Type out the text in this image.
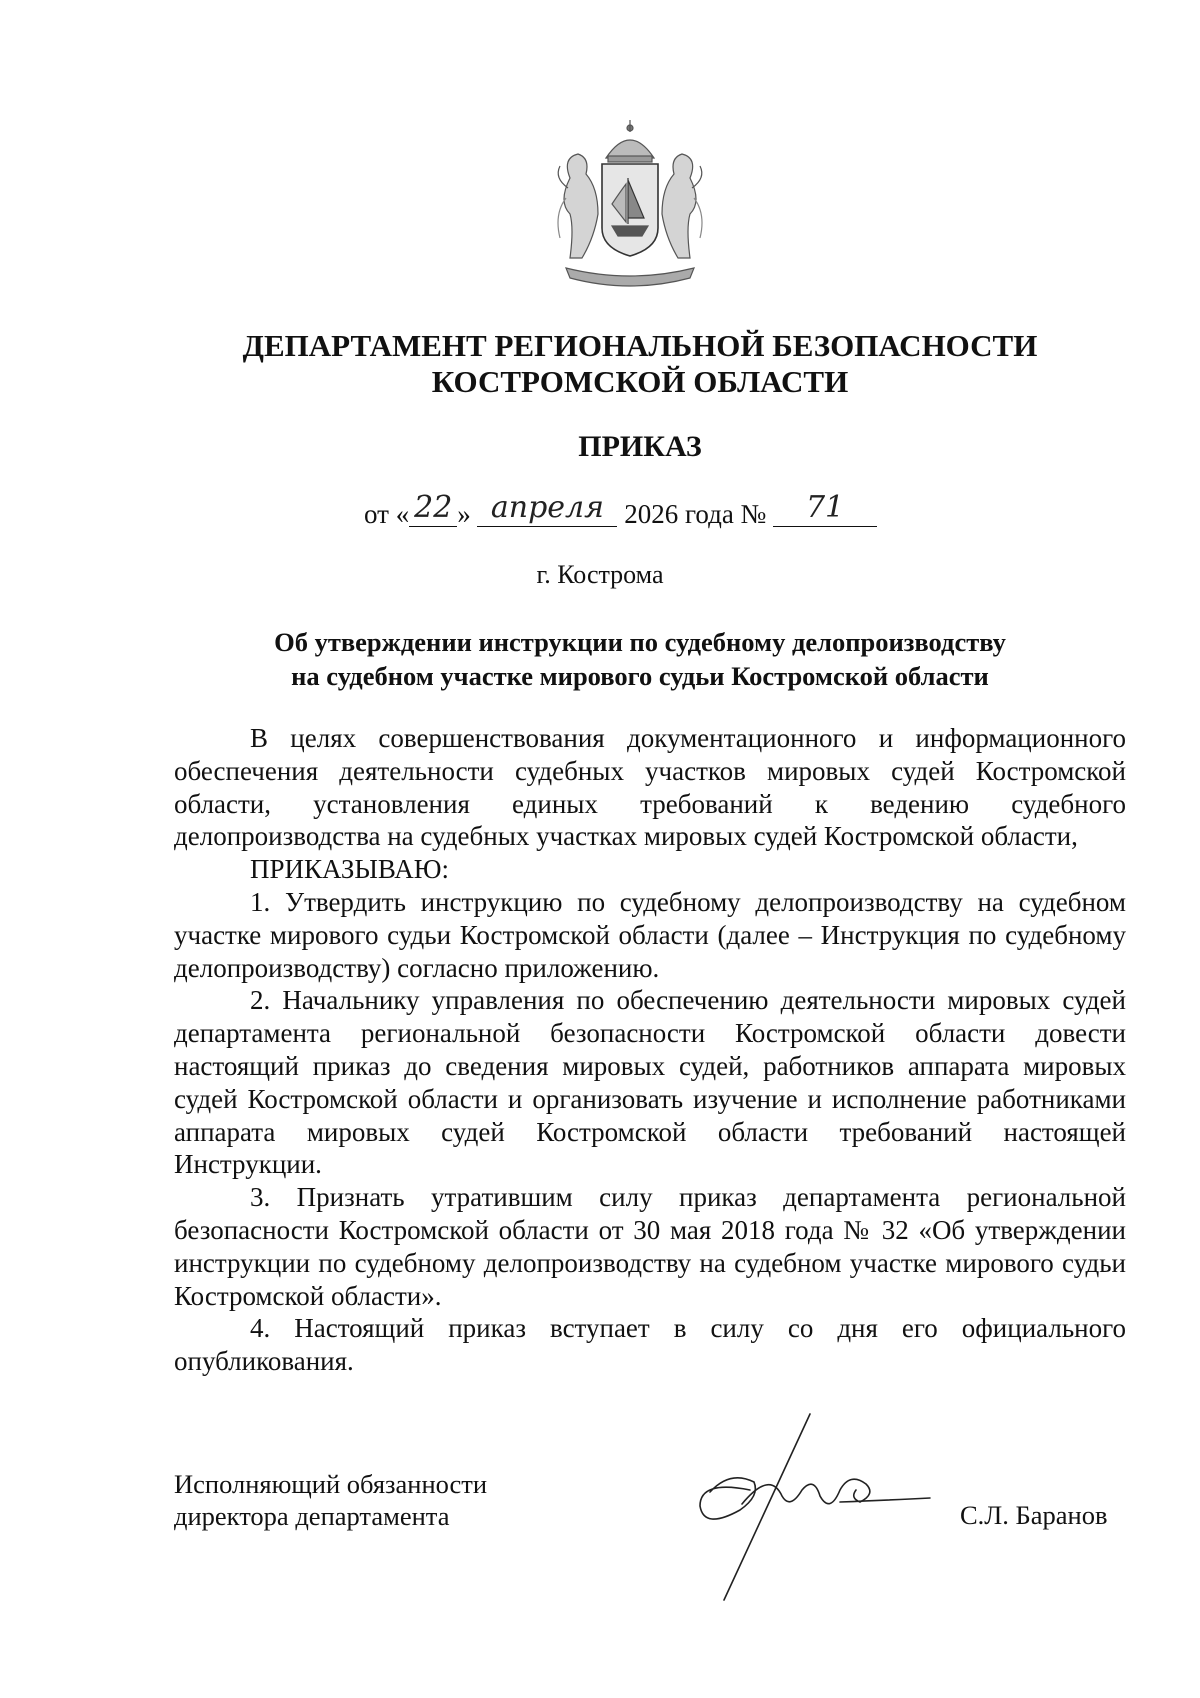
ДЕПАРТАМЕНТ РЕГИОНАЛЬНОЙ БЕЗОПАСНОСТИ
КОСТРОМСКОЙ ОБЛАСТИ
ПРИКАЗ
от « 22 » апреля 2026 года №	71
г. Кострома
Об утверждении инструкции по судебному делопроизводству
на судебном участке мирового судьи Костромской области

В целях совершенствования документационного и информационного обеспечения деятельности судебных участков мировых судей Костромской области, установления единых требований к ведению судебного делопроизводства на судебных участках мировых судей Костромской области,

ПРИКАЗЫВАЮ:

1. Утвердить инструкцию по судебному делопроизводству на судебном участке мирового судьи Костромской области (далее – Инструкция по судебному делопроизводству) согласно приложению.

2. Начальнику управления по обеспечению деятельности мировых судей департамента региональной безопасности Костромской области довести настоящий приказ до сведения мировых судей, работников аппарата мировых судей Костромской области и организовать изучение и исполнение работниками аппарата мировых судей Костромской области требований настоящей Инструкции.

3. Признать утратившим силу приказ департамента региональной безопасности Костромской области от 30 мая 2018 года № 32 «Об утверждении инструкции по судебному делопроизводству на судебном участке мирового судьи Костромской области».

4. Настоящий приказ вступает в силу со дня его официального опубликования.

Исполняющий обязанности
директора департамента	С.Л. Баранов
